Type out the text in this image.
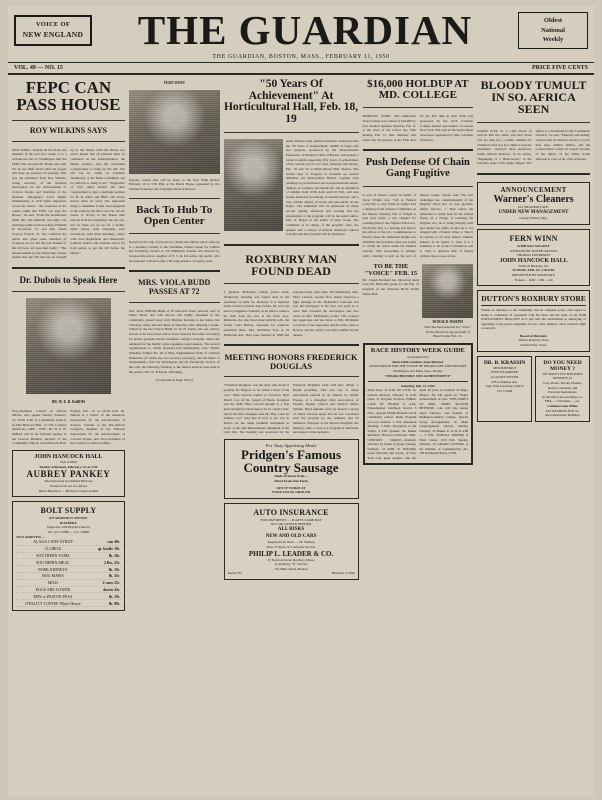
VOICE OF
NEW ENGLAND	THE GUARDIAN	Oldest
National
Weekly
THE GUARDIAN, BOSTON, MASS., FEBRUARY 11, 1950
VOL. 49 — NO. 15	PRICE FIVE CENTS
FEPC CAN PASS HOUSE
ROY WILKINS SAYS
NEW YORK—Despite all the tricks and blunders of the past few weeks, it is a well-known fact in Washington that the FEPC bill can pass the House and will. We do not bluff about what the people will keep up pressure for passage. This was the statement from Roy Wilkins, acting secretary of the National Association for the Advancement of Colored People and chairman of the National Emergency Civil Rights Mobilization, to civil rights supporters across the nation. "All observers in the capital admit that FEPC can pass the House," he said. "Even the Southerners admit this. The minority was tight over discharge petition between Rep. Franklin D. Roosevelt, Jr., and Rep. Adam Clayton Powell, Jr., has confused the public and given some members of Congress an out; but the real element of the bill have not been hurt badly." "The announcement by the Democratic Senate leaders that the bill will not be brought up in the Senate until the House has acted, means that all pressure must be continued on the Administration, the House leaders, and the individual Congressmen to bring up the bill. The bill can be called on Calendar Wednesday or the Rules Committee can be called in to bring it out." "Supporters of civil rights should ask their congressmen to sign a discharge petition for H. R. 4453, and FEPC bill. Every device must be used. The important thing to remember is that all propaganda to the contrary, the bill is not lost. We are nearer to victory in the House than anyone from the beginning. We can win, but we must not let up for a month. Write letters, send telegrams, pass resolutions, hold mass meetings, confer with local Republican and Democratic political leaders and demand action for both parties to get the bill before the House."
Dr. Dubois to Speak Here
DR. W. E. B. DuBOIS
Vice-chairman, Council on African Affairs, who speaks Sunday, February 12, 10:30 A.M. at Community Church, in John Hancock Hall, on "The Collared American—1900 - 1950". Dr. W. E. B. DuBois will be the featured speaker at the Lincoln Birthday services of the Community Church, John Hancock Hall, Sunday, Feb. 12, at 10:30 A.M. Dr. Dubois is a fellow of the American Association for the Advancement of Science, founder of the Pan-African Congress, member of the National Association for the Advancement of Colored People, and Vice-Chairman of the Council on African Affairs.
JOHN HANCOCK HALL
Sub. 6-0950
Sunday Afternoon, February 12, at 3:30
AUBREY PANKEY
Internationally Acclaimed Baritone
Tickets from Art for Affairs
Direct Direction — Harvard Concert Artists
BOLT SUPPLY
675 SHAWMUT AVENUE
ROXBURY
(Opposite 12th Baptist Church)
Tel. GA 7-6386 — CA 7-8996
JUST ARRIVED —
ALAGA CANE SYRUP	can 49c
CLOROX	qt. bottle 19c
SOUTHERN YAMS	lb. 10c
SOUTHERN MEAL	2 lbs. 25c
PORK KIDNEYS	lb. 19c
HOG MAWS	lb. 35c
MILK	2 cans 25c
EGGS ARE LOWER	dozen 43c
DRY or PIGEON PEAS	lb. 19c
O'FALITY COFFEE White House	lb. 99c
FERN WINN
Soprano soloist who will be heard in the Fern Winn Recital February 19 at 3:30 P.M. at the Parish House, presented by the Thomas Fondaries and Columbia Davis at Boston.
Back To Hub To Open Center
Newest in the rank of schools for charm and culture which came up to a Roxbury recently is the Charmiste Charm Center for Culture and Charming located at 150 Humboldt Avenue and directed by Gregson Knowlton, daughter of E. S. R. Knowlton, the realist, who has returned to Boston after a life-long absence of twenty years.
MRS. VIOLA BUDD PASSES AT 72
Mrs. Viola Williams Budd of 58 Warwick Street, beloved wife of James Budd, and well known and highly esteemed in the community, passed away early Monday morning at her home. Our Thursday, where she had taken on Saturday, after suffering a stroke. Called by the late Francis Budd, Sr. W. H. Taylor, her son, widow, arrived at the uncovered native down Saturday fled after recovering for perfect grounds and the breakfast vesting is hospital, where she remained for the family, some regaining consciousness. The several organizations to which deceased had membership were: Phyllis Wheatley Temple No. 20 of Elks, Supplemental Order of Calliean Fisherman (of which she was secretary secretary), and the Order of Sympathizers, both the Washington and the Paramount Society of the Lord. On Thursday, February 4, the funeral services were held at the parlors, Rev. W. B Exeter officiating.
(Continued on Page Three)
"50 Years Of Achievement" At Horticultural Hall, Feb. 18, 19
Anita Tibbets Jones, general chairman, announces that the "50 Years of Achievement" exhibit of Negro life and progress, sponsored by the Massachusetts Federation of Women's Clubs of Boston, will present a varied program supporting fifty years of achievement of the colored race for two days, Saturday and Sunday, Feb. 18 and 19 at Horticultural Hall, Boston. The annual Spar of Progress is available up several definitive Art metropolitan Boston, together with paintings by professional and non-professional artists, displays of sculpture and handicraft, and an exhibition of exhibits from 10:30 A.M. until 10 P.M., will also feature historical documents of unusual interest, and a very notable display of books and periodicals on the Negro. The exhibition will be sponsored by many second Sunday afternoon and evening and the presentation of the program, will be the noted author, Mrs. A. Bogart in the author of three books. The committee is in charge of the program. Also, the speaker and a variety of African American cultural societies and the programs will be displayed.
ROXBURY MAN FOUND DEAD
J. Spencer McKinnis, retired postal clerk, Wednesday morning was found dead in his apartment on Dale St., Roxbury. It is believed death occurred several days before. He was last seen by neighbors Saturday as he tried to remove his mail from the box at the front door. McKinnis, 64, who lived alone with his wife, the former Leila Bishop, separated for relatives' apartment there. Mrs. McKinnis lives at 33 Humboldt Ave. They were married in 1908 and separated four years later. On Wednesday, Dep. Mary Lawson, second floor tenant observed a light burning in Mr. McKinnis's bedroom and saw the newspaper at his door and went in to read. This screened the newspapers and also drove in Mrs. McKinnis's rooms. This aroused her suspicions and she drove to Mrs. McKinnis to tell her of her suspicions and the latter came to Boston, and the police was then notified by the tenants.
MEETING HONORS FREDERICK DOUGLAS
"Frederick Douglass was the man who made it possible for Negroes to be called a slave of his own," Miss Lincoln replied to riverview New March core off Dr. Joseph of Harris. Douglass was the 1949 "Miss Lincoln thought to a first great enough for black men to be on a man's side; and in her Mac Douglass said Mr. Hay could be nobleve, but." And that in how to see was in Person for the name beautiful monument in honor of the 24th Massachusetts Regiment of the Civil War. The meeting was sponsored by the Frederick Douglass Club with Rev. Albert J. Bright presiding. This was one of many educational periods in an address by Walter Preston of a Douglass Club Association of Peoples Baptist Church and Eastern Maine Temple. Brief remarks were by several a group of others. Preston spoke that he was concerned with the program by the audience and all members. Principal of the Boston Douglass, the meeting came a close at a program of selections and respect of the audience.
For Tasty Appetizing Meals
Pridgen's Famous Country Sausage
Made of Finest Pork—
Direct From Our Farm
GET IT TODAY AT
YOUR LOCAL GROCER
AUTO INSURANCE
TWO PAYMENTS — PLATES SAME DAY
NO CAR OWNER NEEDED
ALL RISKS
NEW AND OLD CARS
Registered At Once — No Waiting
Over 25 Years of Courteous Service
PHILIP L. LEADER & CO.
67 Newton Street, Roxbury, Mass.
At Roxbury "X" Service
741 Mills Street, Boston
Room 752	HUbbard 2-7499
$16,000 HOLDUP AT MD. COLLEGE
PRINCESS ANNE, Md.—Maryland State College was robbed of $16,000 by four masked gunmen Monday, Feb. 6, at the close of the school day. This Sunday, Feb. 12, Mrs. Matthew will attend her Pre-prayers at the First Arts for the first time in New York City sponsored by the Arch Coalition College Annual Association of Greater New York. This will be the ninth annual observance presented by Mrs. Gardiner in Boston.
Push Defense Of Chain Gang Fugitive
A writ of habeas corpus in behalf of Oscar Wright now "Jail in Federal Court Feb. 2, Atty. Julius D. Sanner told a meeting of the Citizens Committee on the Mason, Tuesday, Feb. 6. Wright is held here under a writ charged for returning him to the Fugitive Felon Act. On Friday, Feb. 3, a hearing was held at the offices of the U.S. Commissioner in Boston where the defendant Wright was identified and probable cause was found to certify his return under the Federal warrant. This proceeding is entirely until a hearing is held on the writ of habeas corpus, Sanner said. The writ challenges the constitutionality of the Fugitive Felon Act on four grounds, which follows: 1. That where the defendant is being held by the United States on a charge of violating the Fugitive Act, he is being illegally held and denied his rights, in that he is not charged with a Federal crime; 2. That it is contrary to all other federal criminal statutes in its intent; 3. That it is a summary to all of the Constitution; and 4. That it deprives him of liberty without due process of law.
TO BE THE "VOICE" FEB. 15
Mr. Joseph Bertrand the following talent from Mr. Bertrand's group for the Feb. 15 program of the National Hotel Statler Dance Hall.
DONALD JOSEPH
Who has been selected for "Voice" for the March Group program of Hotel Statler Feb. 15.
RACE HISTORY WEEK GUIDE
As presented by
Anna Faith Gardner, State Director
ASSOCIATION FOR THE STUDY OF NEGRO LIFE AND HISTORY
Washington and Mass. Area, Theme:
"NEGRO HISTORY AND ACHIEVEMENT"
Saturday, Feb. 11, 1950
Since Days 12 A.M. till 4 P.M. for schools—Boston, Schools: 8 A.M. Open of Program Services Exhibit. CASE OF PEOPLE 9 A.M.: Emancipation Luncheon Service 3 P.M.—Special Exhibit Branches in all community centers. Radio Program on local stations, 1 P.M. Afternoon Meeting, 3 P.M.—Reception at the Statler, 4 P.M. Speaker: Dr. Daniel Robinson, Howard University MID-CENTURY DANCE—Dramatic selection by leader of group Tuesday, February 14 JUDI, R. ROGERS, noted historian and pastor, of New York City, guest speaker, who has spent 40 years in research of Negro History. He will speak on "Negro Achievement of past. THIS PART'S OF MRS. MARY McLEOD BETHUNE, who will also speak, noted educator, and founder of Bethune-Cookman College. Special Group Arrangements, St. Mark Congregational Church. Sunday, February 19 Dinner at 11:30 at 4:00 — 5 P.M. ANNUAL DINNER at Hotel Statler, 6:30 P.M. Sunday, February 26 GRAND CLOSING at the Institute of Contemporary Art, 230 Dartmouth Street, 4 P.M.
BLOODY TUMULT IN SO. AFRICA SEEN
UNION CITY, N. J.—The attack of African 400 rise white, and Jack Sloan will get help for a conflict whether the civilized world was set a limit to stop the treatment," observed Alan Anderson, South African mediator, in an article, "Beginning of a Mark-Storm," in the February issue of the Negro Digest. The Africa is a dreamland for the Communist advance," he said. "Minority and adding, whereas this its bitterest slavery to lower than three million Whites, and the Conservatives would be largely because of the failure of the White South Africans to view of all of the Africans.
ANNOUNCEMENT
Warner's Cleaners
612 SHAWMUT AVE.
UNDER NEW MANAGEMENT
George Warner, Mgr.
FERN WINN
SOPRANO SOLOIST
ASSISTED BY NOTED ARTISTS
THOMAS FONDERIES
JOHN HANCOCK HALL
Stuart & Berkeley Sts.
SUNDAY, FEB. 19, 3:30 P.M.
PRESENTED BY ROSEDALE
Tickets — $.60 - 1.80 - 1.20
DUTTON'S ROXBURY STORE
Wishes to announce to the community that its company policy with regard to hiring is completely in agreement with the letter and the spirit of our FAIR EMPLOYMENT PRACTICE ACT and will and discriminate in employing or upgrading of any person regardless of race, color, religion, creed, national origin or ancestry.
Board of Directors
Dutton Roxbury Store
Charles Fine, Treas.
DR. B. KRASSIN
OPTOMETRIST
EYES EXAMINED
GLASSES FITTED
478 Columbus Ave.
Opp. Union Savings Church
CO 7-0494
DO YOU NEED MONEY ?
WE HAVE IT IN BOSTON'S
DESERVE #1
Cars, Boats, Trucks, Homes,
Realty Consumer and
Personal Instruments
At the Old Land and Mtge Co.
FHA — Christmas — etc.
Camden Loan Office
344 WASHINGTON ST.
Real Restaurant Building
